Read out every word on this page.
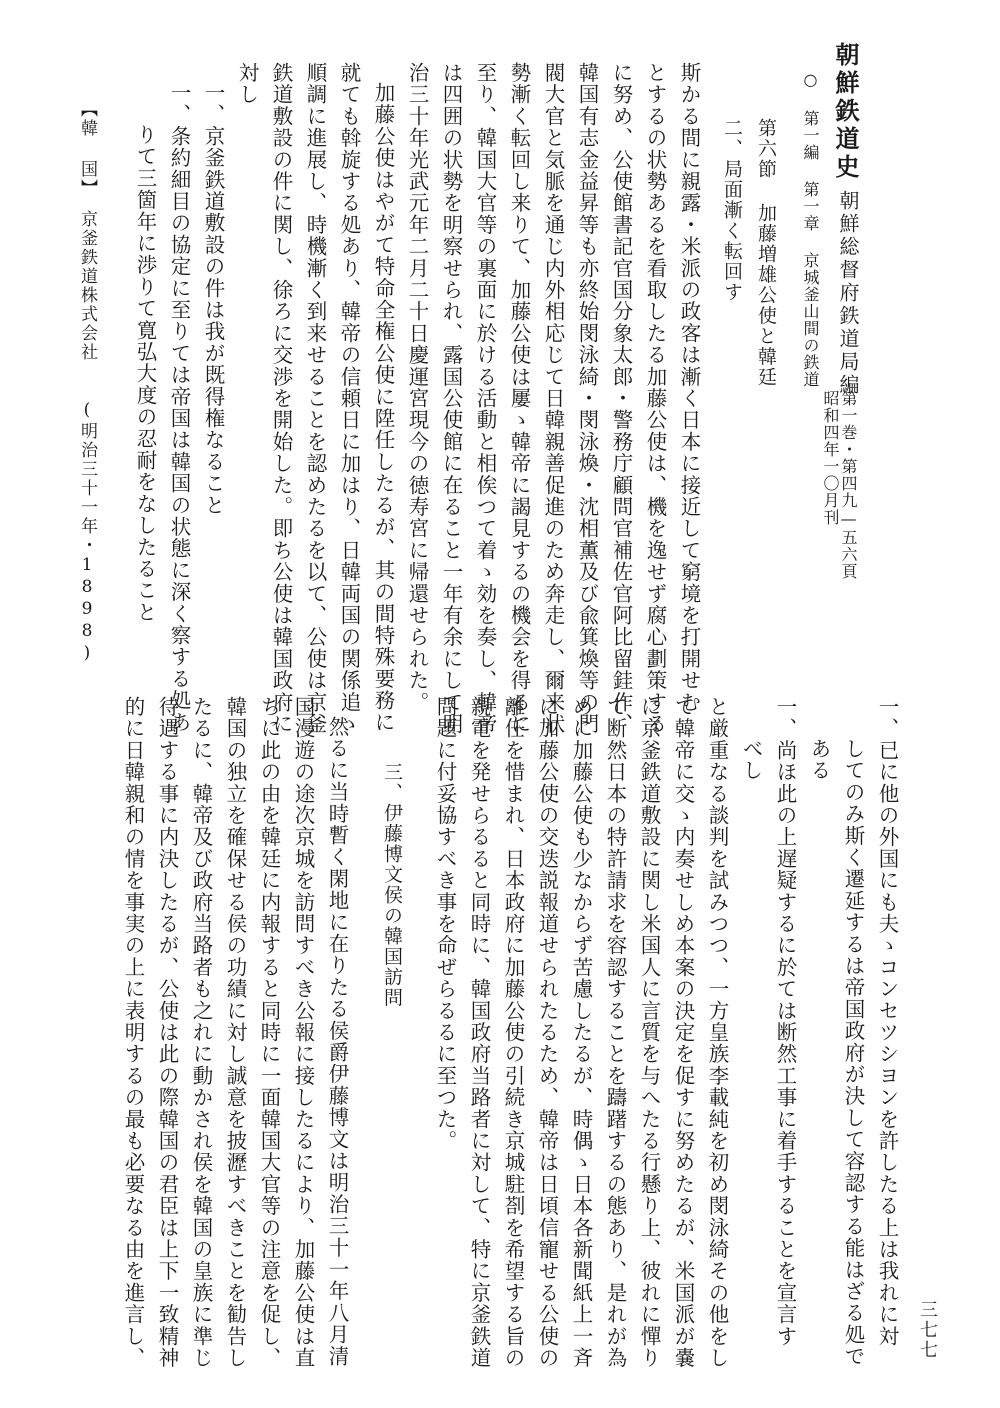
朝鮮鉄道史

朝鮮総督府鉄道局編

第一巻・第四九—五六頁

昭和四年一〇月刊

○ 第一編 第一章 京城釜山間の鉄道

第六節 加藤増雄公使と韓廷

二、局面漸く転回す

斯かる間に親露・米派の政客は漸く日本に接近して窮境を打開せむ

とするの状勢あるを看取したる加藤公使は、機を逸せず腐心劃策する

に努め、公使館書記官国分象太郎・警務庁顧問官補佐官阿比留銈作、

韓国有志金益昇等も亦終始閔泳綺・閔泳煥・沈相薫及び兪箕煥等の門

閥大官と気脈を通じ内外相応じて日韓親善促進のため奔走し、爾来状

勢漸く転回し来りて、加藤公使は屢ゝ韓帝に謁見するの機会を得るに

至り、韓国大官等の裏面に於ける活動と相俟つて着ゝ効を奏し、韓帝

は四囲の状勢を明察せられ、露国公使館に在ること一年有余にして明

治三十年光武元年二月二十日慶運宮現今の徳寿宮に帰還せられた。

加藤公使はやがて特命全権公使に陞任したるが、其の間特殊要務に

就ても斡旋する処あり、韓帝の信頼日に加はり、日韓両国の関係追ゝ

順調に進展し、時機漸く到来せることを認めたるを以て、公使は京釜

鉄道敷設の件に関し、徐ろに交渉を開始した。即ち公使は韓国政府に

対し

一、京釜鉄道敷設の件は我が既得権なること

一、条約細目の協定に至りては帝国は韓国の状態に深く察する処あ

りて三箇年に渉りて寛弘大度の忍耐をなしたること

【韓 国】

京釜鉄道株式会社

(明治三十一年・1898)

一、已に他の外国にも夫ゝコンセツシヨンを許したる上は我れに対

してのみ斯く遷延するは帝国政府が決して容認する能はざる処で

ある

一、尚ほ此の上遅疑するに於ては断然工事に着手することを宣言す

べし

と厳重なる談判を試みつつ、一方皇族李載純を初め閔泳綺その他をし

て韓帝に交ゝ内奏せしめ本案の決定を促すに努めたるが、米国派が嚢

に京釜鉄道敷設に関し米国人に言質を与へたる行懸り上、彼れに憚り

て断然日本の特許請求を容認することを躊躇するの態あり、是れが為

めに加藤公使も少なからず苦慮したるが、時偶ゝ日本各新聞紙上一斉

に加藤公使の交迭説報道せられたるため、韓帝は日頃信寵せる公使の

離任を惜まれ、日本政府に加藤公使の引続き京城駐剳を希望する旨の

親電を発せらるると同時に、韓国政府当路者に対して、特に京釜鉄道

問題に付妥協すべき事を命ぜらるるに至つた。

三、伊藤博文侯の韓国訪問

然るに当時暫く閑地に在りたる侯爵伊藤博文は明治三十一年八月清

国漫遊の途次京城を訪問すべき公報に接したるにより、加藤公使は直

ちに此の由を韓廷に内報すると同時に一面韓国大官等の注意を促し、

韓国の独立を確保せる侯の功績に対し誠意を披瀝すべきことを勧告し

たるに、韓帝及び政府当路者も之れに動かされ侯を韓国の皇族に準じ

待遇する事に内決したるが、公使は此の際韓国の君臣は上下一致精神

的に日韓親和の情を事実の上に表明するの最も必要なる由を進言し、	三七七
